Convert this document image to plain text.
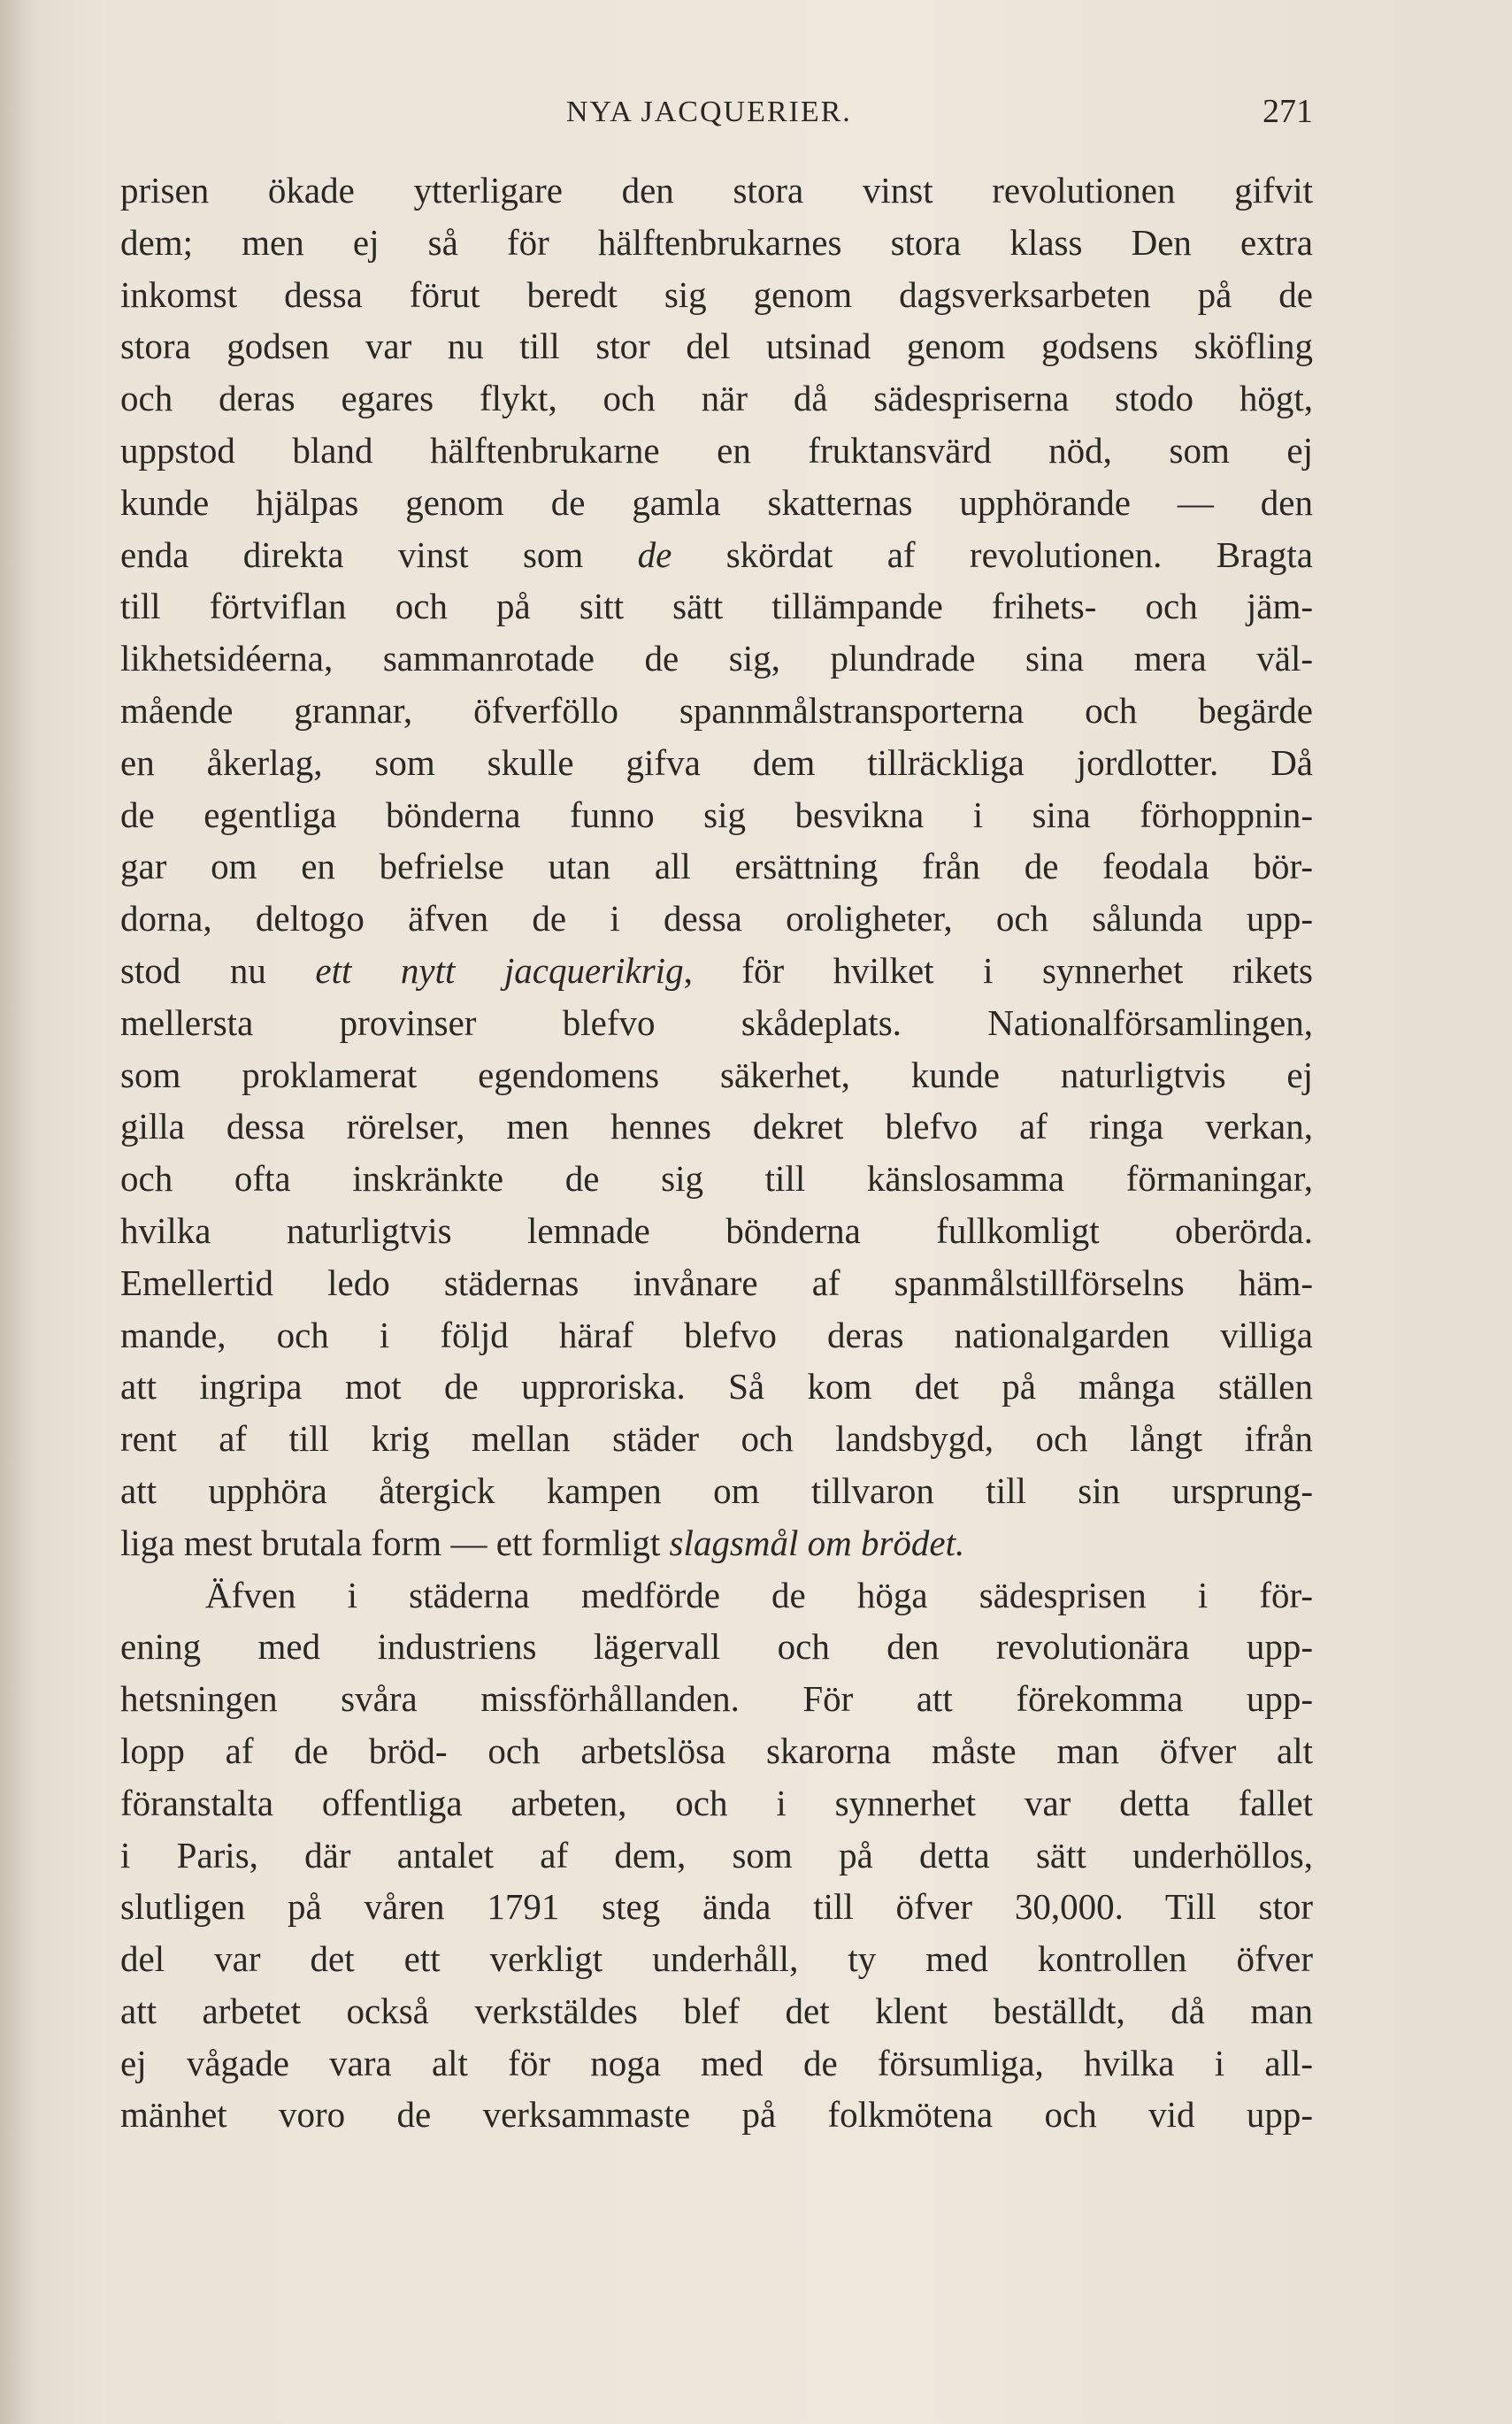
NYA JACQUERIER.	271
prisen ökade ytterligare den stora vinst revolutionen gifvit
dem; men ej så för hälftenbrukarnes stora klass Den extra
inkomst dessa förut beredt sig genom dagsverksarbeten på de
stora godsen var nu till stor del utsinad genom godsens sköfling
och deras egares flykt, och när då sädespriserna stodo högt,
uppstod bland hälftenbrukarne en fruktansvärd nöd, som ej
kunde hjälpas genom de gamla skatternas upphörande — den
enda direkta vinst som de skördat af revolutionen. Bragta
till förtviflan och på sitt sätt tillämpande frihets- och jäm-
likhetsidéerna, sammanrotade de sig, plundrade sina mera väl-
mående grannar, öfverföllo spannmålstransporterna och begärde
en åkerlag, som skulle gifva dem tillräckliga jordlotter. Då
de egentliga bönderna funno sig besvikna i sina förhoppnin-
gar om en befrielse utan all ersättning från de feodala bör-
dorna, deltogo äfven de i dessa oroligheter, och sålunda upp-
stod nu ett nytt jacquerikrig, för hvilket i synnerhet rikets
mellersta provinser blefvo skådeplats. Nationalförsamlingen,
som proklamerat egendomens säkerhet, kunde naturligtvis ej
gilla dessa rörelser, men hennes dekret blefvo af ringa verkan,
och ofta inskränkte de sig till känslosamma förmaningar,
hvilka naturligtvis lemnade bönderna fullkomligt oberörda.
Emellertid ledo städernas invånare af spanmålstillförselns häm-
mande, och i följd häraf blefvo deras nationalgarden villiga
att ingripa mot de upproriska. Så kom det på många ställen
rent af till krig mellan städer och landsbygd, och långt ifrån
att upphöra återgick kampen om tillvaron till sin ursprung-
liga mest brutala form — ett formligt slagsmål om brödet.
Äfven i städerna medförde de höga sädesprisen i för-
ening med industriens lägervall och den revolutionära upp-
hetsningen svåra missförhållanden. För att förekomma upp-
lopp af de bröd- och arbetslösa skarorna måste man öfver alt
föranstalta offentliga arbeten, och i synnerhet var detta fallet
i Paris, där antalet af dem, som på detta sätt underhöllos,
slutligen på våren 1791 steg ända till öfver 30,000. Till stor
del var det ett verkligt underhåll, ty med kontrollen öfver
att arbetet också verkstäldes blef det klent beställdt, då man
ej vågade vara alt för noga med de försumliga, hvilka i all-
mänhet voro de verksammaste på folkmötena och vid upp-
